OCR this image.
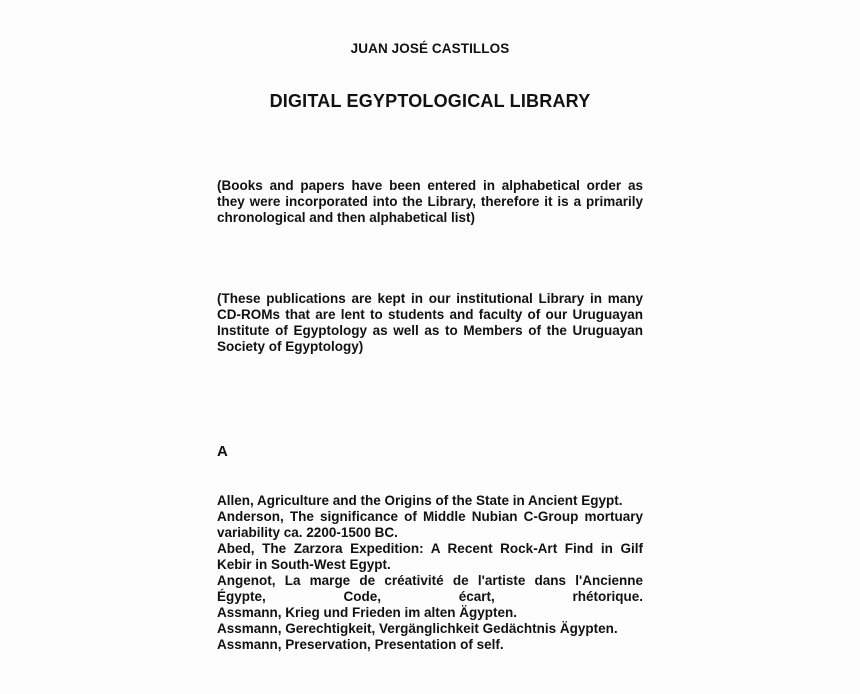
JUAN JOSÉ CASTILLOS
DIGITAL EGYPTOLOGICAL LIBRARY

(Books and papers have been entered in alphabetical order as they were incorporated into the Library, therefore it is a primarily chronological and then alphabetical list)

(These publications are kept in our institutional Library in many CD-ROMs that are lent to students and faculty of our Uruguayan Institute of Egyptology as well as to Members of the Uruguayan Society of Egyptology)

A
Allen, Agriculture and the Origins of the State in Ancient Egypt.
Anderson, The significance of Middle Nubian C-Group mortuary variability ca. 2200-1500 BC.
Abed, The Zarzora Expedition: A Recent Rock-Art Find in Gilf Kebir in South-West Egypt.
Angenot, La marge de créativité de l'artiste dans l'Ancienne
Égypte, Code, écart, rhétorique.
Assmann, Krieg und Frieden im alten Ägypten.
Assmann, Gerechtigkeit, Vergänglichkeit Gedächtnis Ägypten.
Assmann, Preservation, Presentation of self.
